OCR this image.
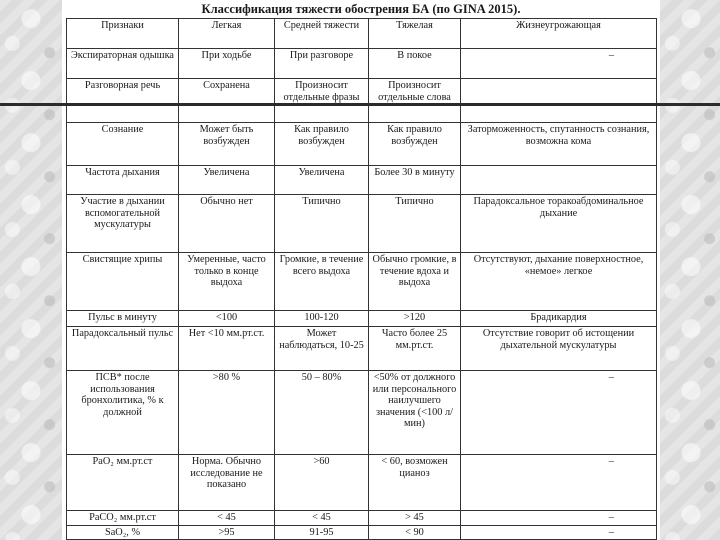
Классификация тяжести обострения БА (по GINA 2015).
Признаки	Легкая	Средней тяжести	Тяжелая	Жизнеугрожающая
Экспираторная одышка	При ходьбе	При разговоре	В покое	–

Разговорная речь	Сохранена	Произносит отдельные фразы	Произносит отдельные слова	
Сознание	Может быть возбужден	Как правило возбужден	Как правило возбужден	Заторможенность, спутанность сознания, возможна кома
Частота дыхания	Увеличена	Увеличена	Более 30 в минуту	
Участие в дыхании вспомогательной мускулатуры	Обычно нет	Типично	Типично	Парадоксальное торакоабдоминальное дыхание
Свистящие хрипы	Умеренные, часто только в конце выдоха	Громкие, в течение всего выдоха	Обычно громкие, в течение вдоха и выдоха	Отсутствуют, дыхание поверхностное, «немое» легкое
Пульс в минуту	<100	100-120	>120	Брадикардия
Парадоксальный пульс	Нет <10 мм.рт.ст.	Может наблюдаться, 10-25	Часто более 25 мм.рт.ст.	Отсутствие говорит об истощении дыхательной мускулатуры
ПСВ* после использования бронхолитика, % к должной	>80 %	50 – 80%	<50% от должного или персонального наилучшего значения (<100 л/мин)	–

PaO₂ мм.рт.ст	Норма. Обычно исследование не показано	>60	< 60, возможен цианоз	–

PaCO₂ мм.рт.ст	< 45	< 45	> 45	–

SaO₂, %	>95	91-95	< 90	–
